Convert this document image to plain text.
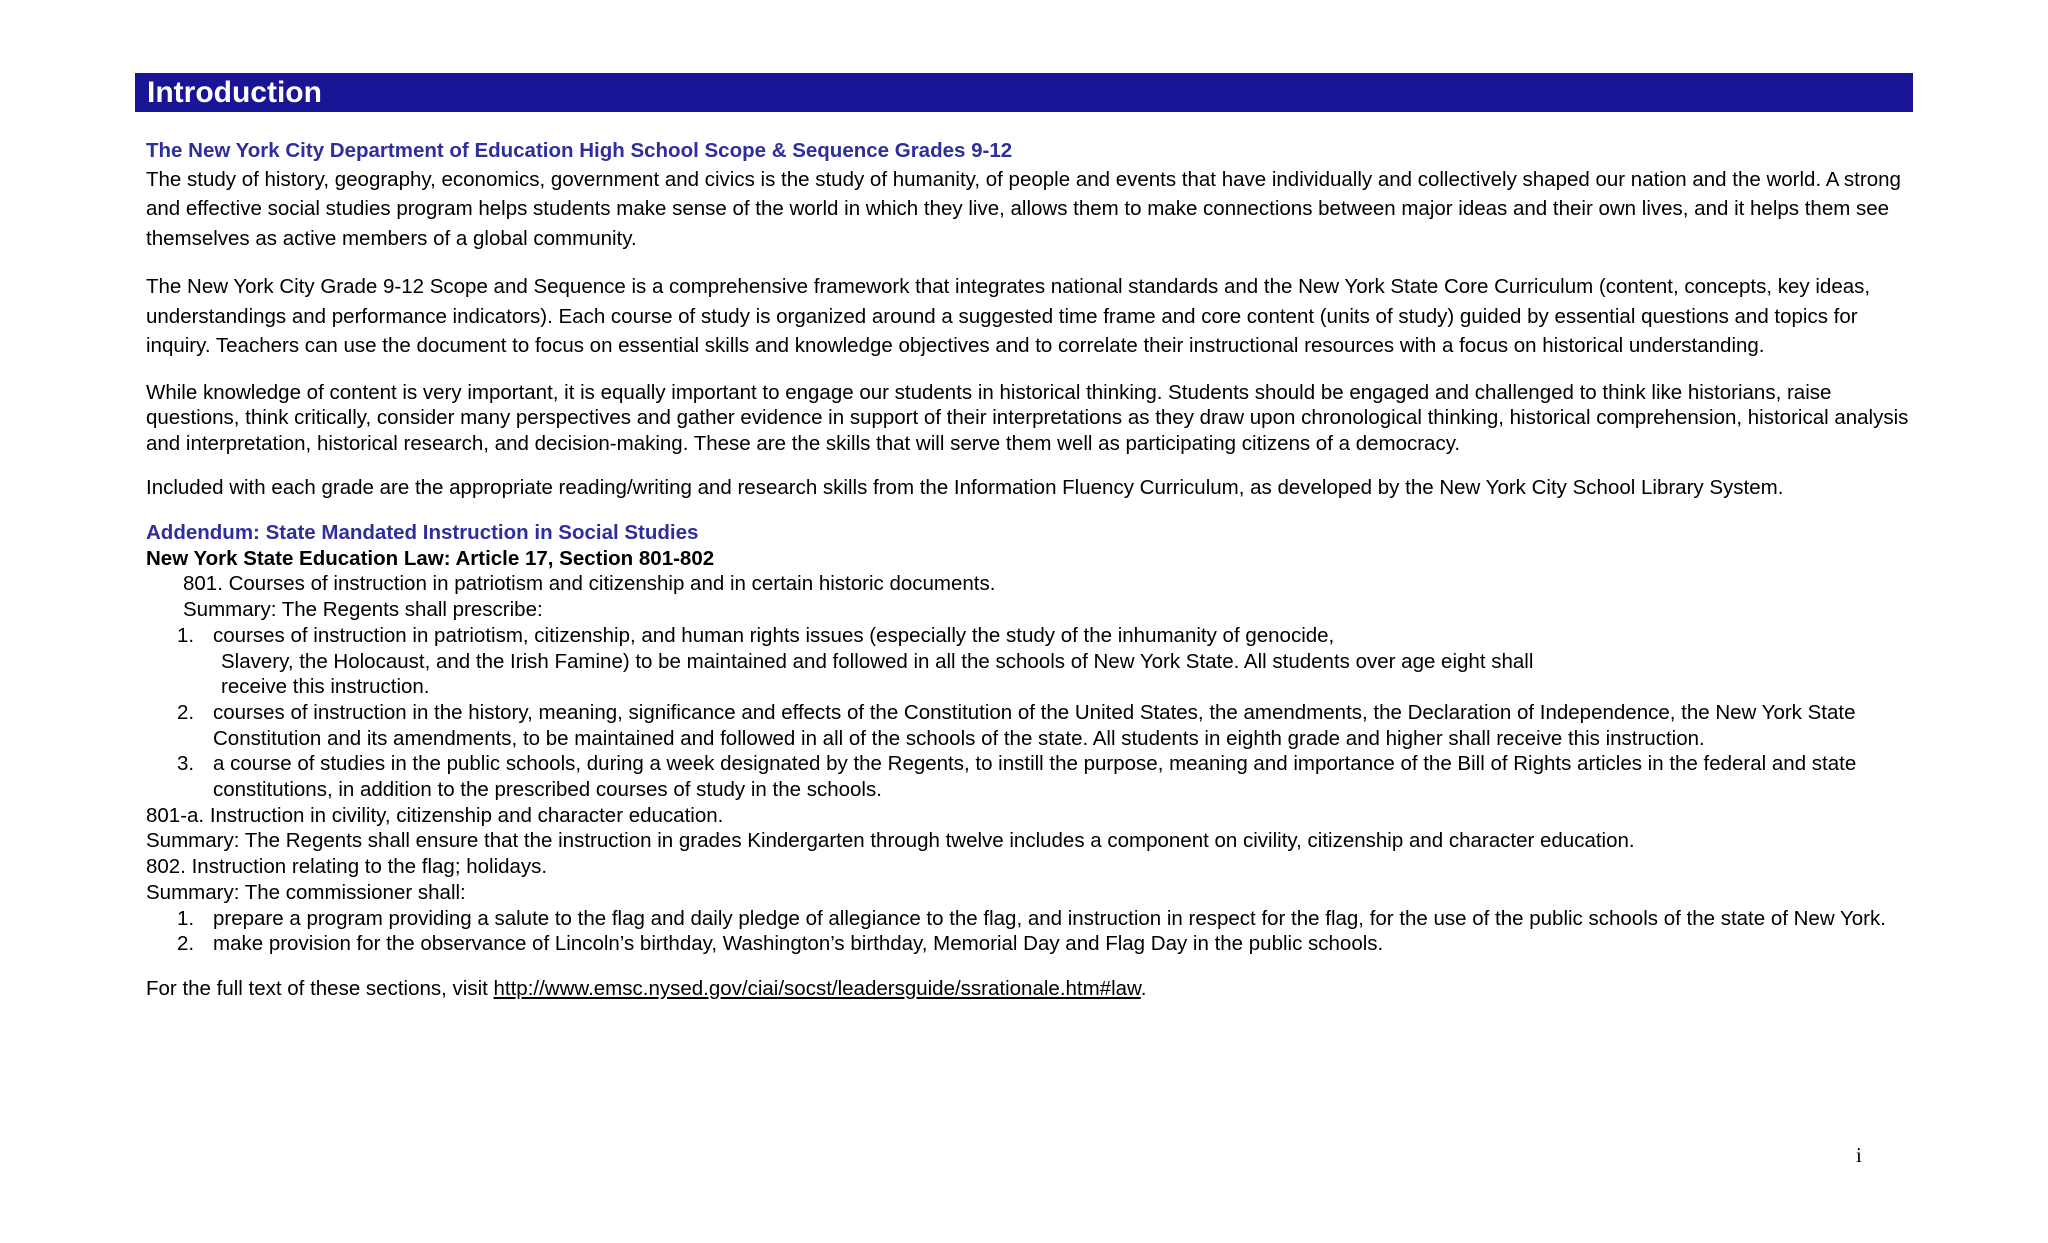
Introduction

The New York City Department of Education High School Scope & Sequence Grades 9-12

The study of history, geography, economics, government and civics is the study of humanity, of people and events that have individually and collectively shaped our nation and the world. A strong and effective social studies program helps students make sense of the world in which they live, allows them to make connections between major ideas and their own lives, and it helps them see themselves as active members of a global community.

The New York City Grade 9-12 Scope and Sequence is a comprehensive framework that integrates national standards and the New York State Core Curriculum (content, concepts, key ideas, understandings and performance indicators). Each course of study is organized around a suggested time frame and core content (units of study) guided by essential questions and topics for inquiry. Teachers can use the document to focus on essential skills and knowledge objectives and to correlate their instructional resources with a focus on historical understanding.

While knowledge of content is very important, it is equally important to engage our students in historical thinking. Students should be engaged and challenged to think like historians, raise questions, think critically, consider many perspectives and gather evidence in support of their interpretations as they draw upon chronological thinking, historical comprehension, historical analysis and interpretation, historical research, and decision-making. These are the skills that will serve them well as participating citizens of a democracy.

Included with each grade are the appropriate reading/writing and research skills from the Information Fluency Curriculum, as developed by the New York City School Library System.

Addendum: State Mandated Instruction in Social Studies

New York State Education Law: Article 17, Section 801-802

801. Courses of instruction in patriotism and citizenship and in certain historic documents.

Summary: The Regents shall prescribe:

1. courses of instruction in patriotism, citizenship, and human rights issues (especially the study of the inhumanity of genocide,

Slavery, the Holocaust, and the Irish Famine) to be maintained and followed in all the schools of New York State. All students over age eight shall

receive this instruction.

2. courses of instruction in the history, meaning, significance and effects of the Constitution of the United States, the amendments, the Declaration of Independence, the New York State Constitution and its amendments, to be maintained and followed in all of the schools of the state. All students in eighth grade and higher shall receive this instruction.

3. a course of studies in the public schools, during a week designated by the Regents, to instill the purpose, meaning and importance of the Bill of Rights articles in the federal and state constitutions, in addition to the prescribed courses of study in the schools.

801-a. Instruction in civility, citizenship and character education.

Summary: The Regents shall ensure that the instruction in grades Kindergarten through twelve includes a component on civility, citizenship and character education.

802. Instruction relating to the flag; holidays.

Summary: The commissioner shall:

1. prepare a program providing a salute to the flag and daily pledge of allegiance to the flag, and instruction in respect for the flag, for the use of the public schools of the state of New York.

2. make provision for the observance of Lincoln’s birthday, Washington’s birthday, Memorial Day and Flag Day in the public schools.

For the full text of these sections, visit http://www.emsc.nysed.gov/ciai/socst/leadersguide/ssrationale.htm#law.

i
